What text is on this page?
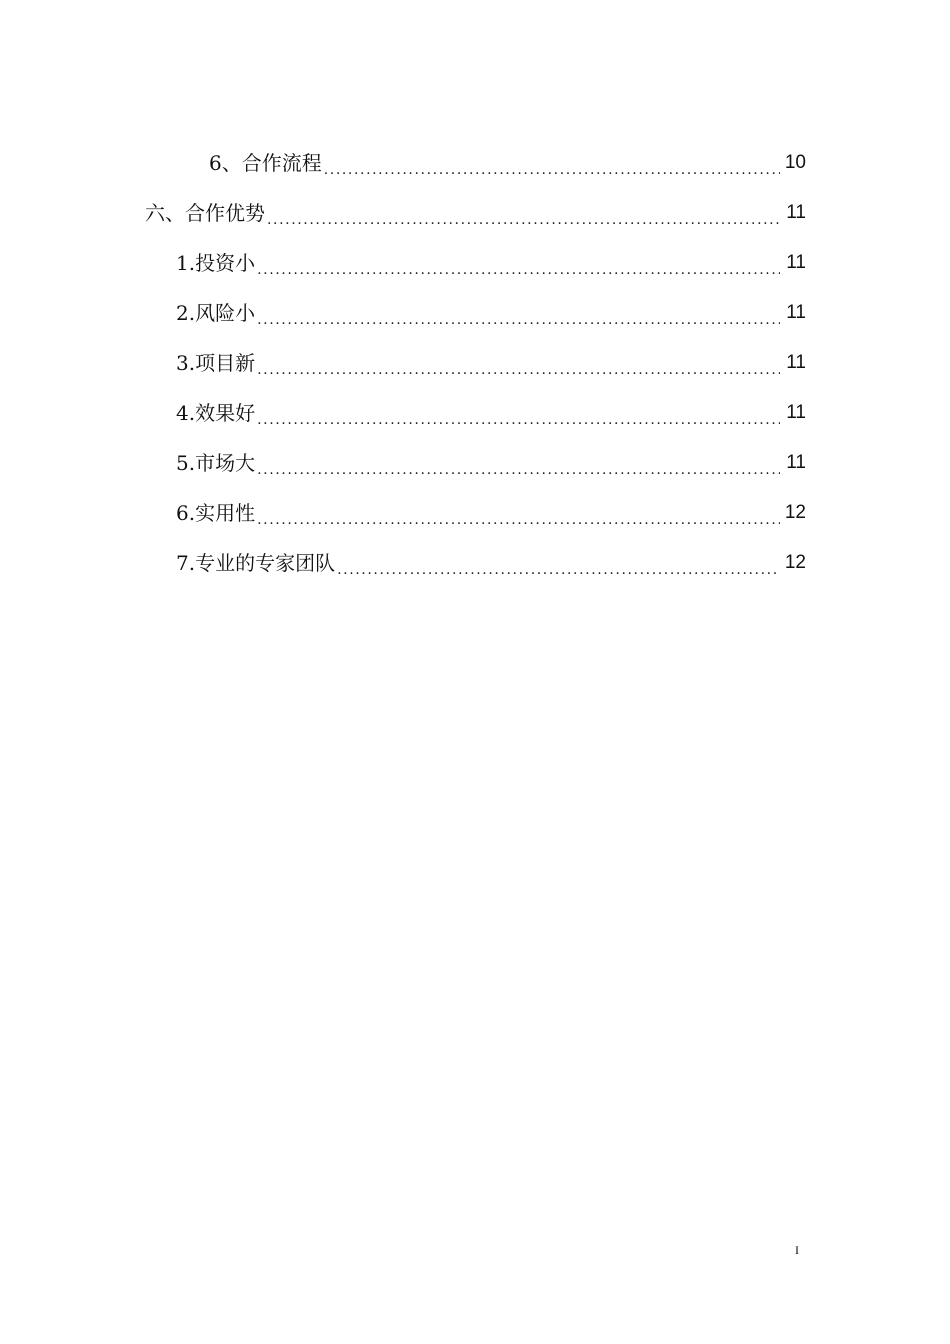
6、合作流程 .....	10
六、合作优势 .....	11
1.投资小 .....	11
2.风险小 .....	11
3.项目新 .....	11
4.效果好 .....	11
5.市场大 .....	11
6.实用性 .....	12
7.专业的专家团队 .....	12
I
